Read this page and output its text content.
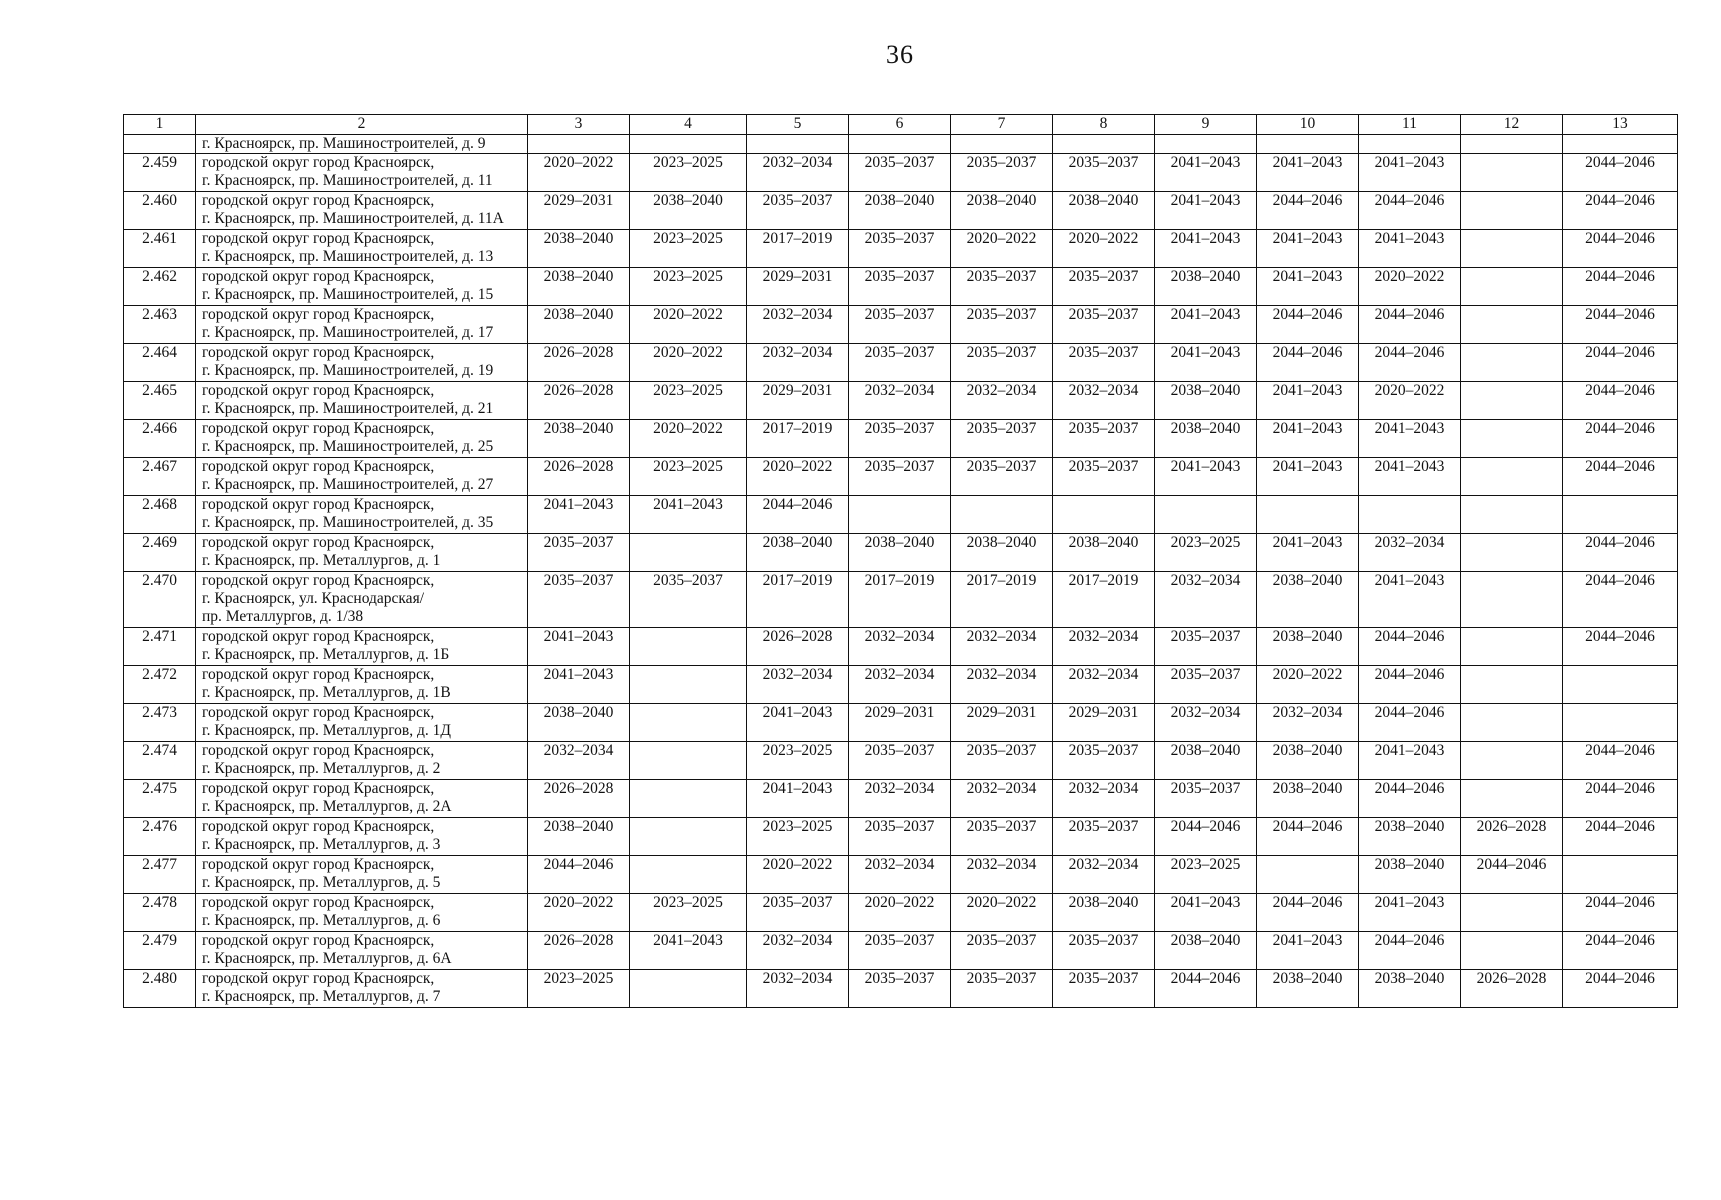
36
1	2	3	4	5	6	7	8	9	10	11	12	13
	г. Красноярск, пр. Машиностроителей, д. 9											
2.459	городской округ город Красноярск,
г. Красноярск, пр. Машиностроителей, д. 11	2020–2022	2023–2025	2032–2034	2035–2037	2035–2037	2035–2037	2041–2043	2041–2043	2041–2043		2044–2046
2.460	городской округ город Красноярск,
г. Красноярск, пр. Машиностроителей, д. 11А	2029–2031	2038–2040	2035–2037	2038–2040	2038–2040	2038–2040	2041–2043	2044–2046	2044–2046		2044–2046
2.461	городской округ город Красноярск,
г. Красноярск, пр. Машиностроителей, д. 13	2038–2040	2023–2025	2017–2019	2035–2037	2020–2022	2020–2022	2041–2043	2041–2043	2041–2043		2044–2046
2.462	городской округ город Красноярск,
г. Красноярск, пр. Машиностроителей, д. 15	2038–2040	2023–2025	2029–2031	2035–2037	2035–2037	2035–2037	2038–2040	2041–2043	2020–2022		2044–2046
2.463	городской округ город Красноярск,
г. Красноярск, пр. Машиностроителей, д. 17	2038–2040	2020–2022	2032–2034	2035–2037	2035–2037	2035–2037	2041–2043	2044–2046	2044–2046		2044–2046
2.464	городской округ город Красноярск,
г. Красноярск, пр. Машиностроителей, д. 19	2026–2028	2020–2022	2032–2034	2035–2037	2035–2037	2035–2037	2041–2043	2044–2046	2044–2046		2044–2046
2.465	городской округ город Красноярск,
г. Красноярск, пр. Машиностроителей, д. 21	2026–2028	2023–2025	2029–2031	2032–2034	2032–2034	2032–2034	2038–2040	2041–2043	2020–2022		2044–2046
2.466	городской округ город Красноярск,
г. Красноярск, пр. Машиностроителей, д. 25	2038–2040	2020–2022	2017–2019	2035–2037	2035–2037	2035–2037	2038–2040	2041–2043	2041–2043		2044–2046
2.467	городской округ город Красноярск,
г. Красноярск, пр. Машиностроителей, д. 27	2026–2028	2023–2025	2020–2022	2035–2037	2035–2037	2035–2037	2041–2043	2041–2043	2041–2043		2044–2046
2.468	городской округ город Красноярск,
г. Красноярск, пр. Машиностроителей, д. 35	2041–2043	2041–2043	2044–2046								
2.469	городской округ город Красноярск,
г. Красноярск, пр. Металлургов, д. 1	2035–2037		2038–2040	2038–2040	2038–2040	2038–2040	2023–2025	2041–2043	2032–2034		2044–2046
2.470	городской округ город Красноярск,
г. Красноярск, ул. Краснодарская/
пр. Металлургов, д. 1/38	2035–2037	2035–2037	2017–2019	2017–2019	2017–2019	2017–2019	2032–2034	2038–2040	2041–2043		2044–2046
2.471	городской округ город Красноярск,
г. Красноярск, пр. Металлургов, д. 1Б	2041–2043		2026–2028	2032–2034	2032–2034	2032–2034	2035–2037	2038–2040	2044–2046		2044–2046
2.472	городской округ город Красноярск,
г. Красноярск, пр. Металлургов, д. 1В	2041–2043		2032–2034	2032–2034	2032–2034	2032–2034	2035–2037	2020–2022	2044–2046		
2.473	городской округ город Красноярск,
г. Красноярск, пр. Металлургов, д. 1Д	2038–2040		2041–2043	2029–2031	2029–2031	2029–2031	2032–2034	2032–2034	2044–2046		
2.474	городской округ город Красноярск,
г. Красноярск, пр. Металлургов, д. 2	2032–2034		2023–2025	2035–2037	2035–2037	2035–2037	2038–2040	2038–2040	2041–2043		2044–2046
2.475	городской округ город Красноярск,
г. Красноярск, пр. Металлургов, д. 2А	2026–2028		2041–2043	2032–2034	2032–2034	2032–2034	2035–2037	2038–2040	2044–2046		2044–2046
2.476	городской округ город Красноярск,
г. Красноярск, пр. Металлургов, д. 3	2038–2040		2023–2025	2035–2037	2035–2037	2035–2037	2044–2046	2044–2046	2038–2040	2026–2028	2044–2046
2.477	городской округ город Красноярск,
г. Красноярск, пр. Металлургов, д. 5	2044–2046		2020–2022	2032–2034	2032–2034	2032–2034	2023–2025		2038–2040	2044–2046	
2.478	городской округ город Красноярск,
г. Красноярск, пр. Металлургов, д. 6	2020–2022	2023–2025	2035–2037	2020–2022	2020–2022	2038–2040	2041–2043	2044–2046	2041–2043		2044–2046
2.479	городской округ город Красноярск,
г. Красноярск, пр. Металлургов, д. 6А	2026–2028	2041–2043	2032–2034	2035–2037	2035–2037	2035–2037	2038–2040	2041–2043	2044–2046		2044–2046
2.480	городской округ город Красноярск,
г. Красноярск, пр. Металлургов, д. 7	2023–2025		2032–2034	2035–2037	2035–2037	2035–2037	2044–2046	2038–2040	2038–2040	2026–2028	2044–2046
